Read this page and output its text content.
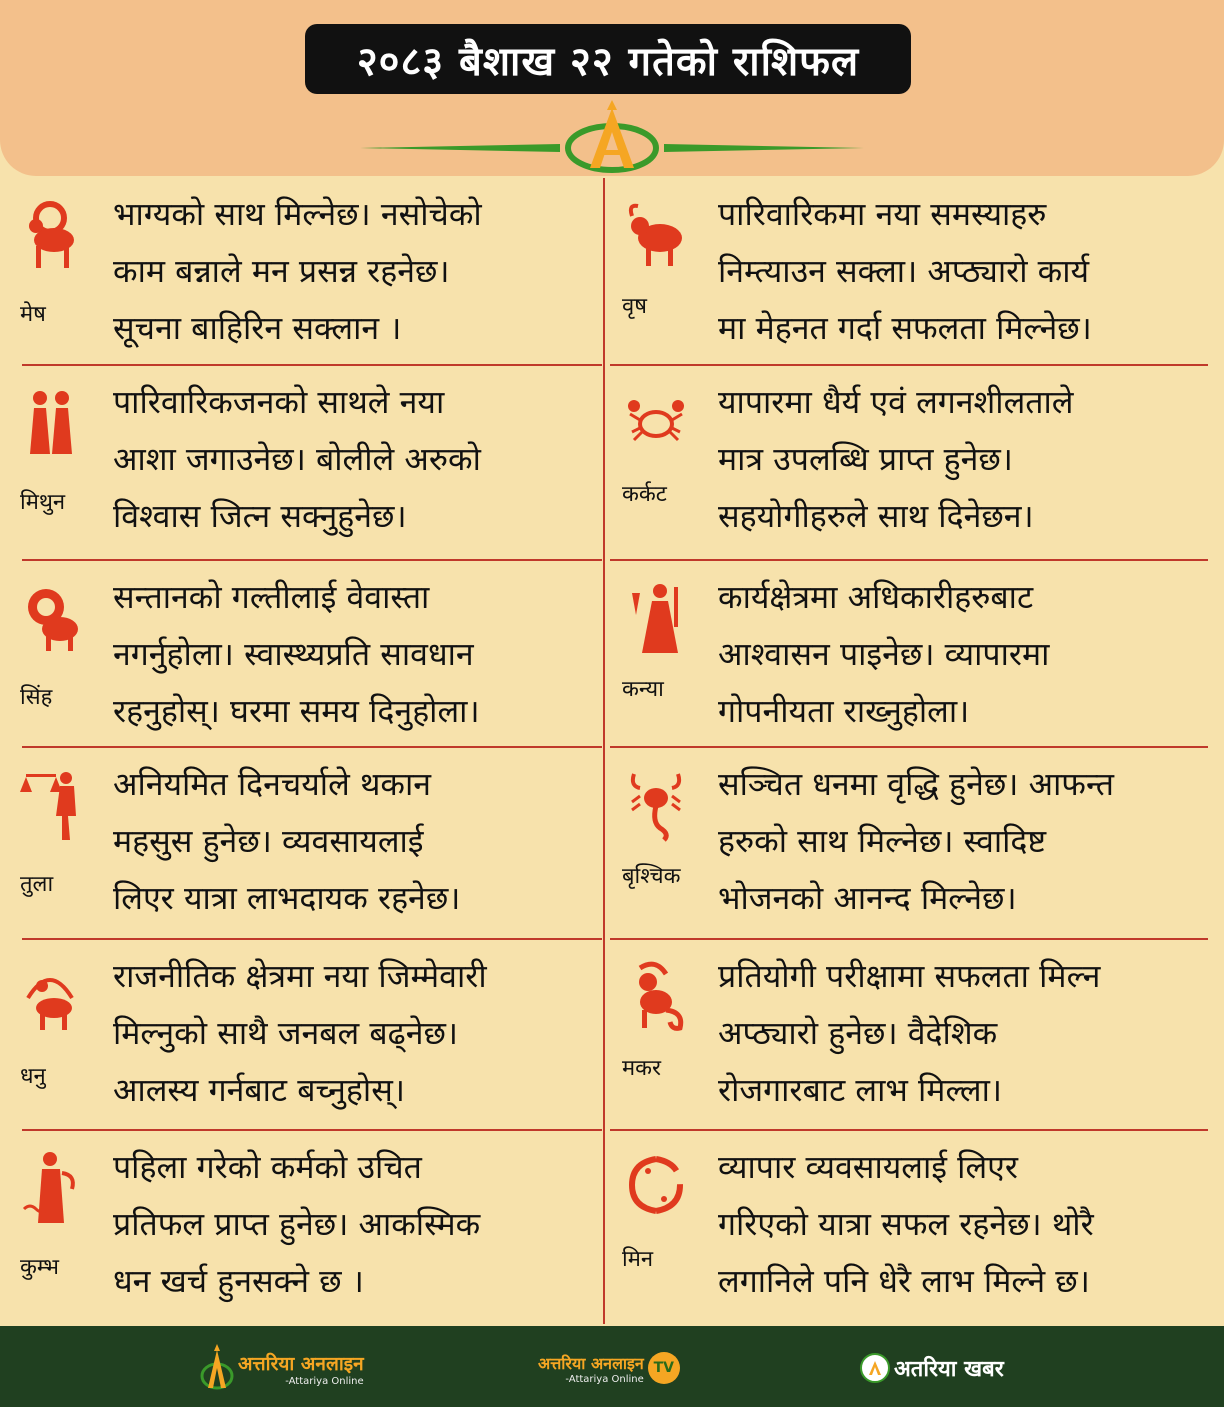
२०८३ बैशाख २२ गतेको राशिफल
मेष
भाग्यको साथ मिल्नेछ। नसोचेको
काम बन्नाले मन प्रसन्न रहनेछ।
सूचना बाहिरिन सक्लान ।
वृष
पारिवारिकमा नया समस्याहरु
निम्त्याउन सक्ला। अप्ठ्यारो कार्य
मा मेहनत गर्दा सफलता मिल्नेछ।
मिथुन
पारिवारिकजनको साथले नया
आशा जगाउनेछ। बोलीले अरुको
विश्वास जित्न सक्नुहुनेछ।
कर्कट
यापारमा धैर्य एवं लगनशीलताले
मात्र उपलब्धि प्राप्त हुनेछ।
सहयोगीहरुले साथ दिनेछन।
सिंह
सन्तानको गल्तीलाई वेवास्ता
नगर्नुहोला। स्वास्थ्यप्रति सावधान
रहनुहोस्। घरमा समय दिनुहोला।
कन्या
कार्यक्षेत्रमा अधिकारीहरुबाट
आश्वासन पाइनेछ। व्यापारमा
गोपनीयता राख्नुहोला।
तुला
अनियमित दिनचर्याले थकान
महसुस हुनेछ। व्यवसायलाई
लिएर यात्रा लाभदायक रहनेछ।
बृश्चिक
सञ्चित धनमा वृद्धि हुनेछ। आफन्त
हरुको साथ मिल्नेछ। स्वादिष्ट
भोजनको आनन्द मिल्नेछ।
धनु
राजनीतिक क्षेत्रमा नया जिम्मेवारी
मिल्नुको साथै जनबल बढ्नेछ।
आलस्य गर्नबाट बच्नुहोस्।
मकर
प्रतियोगी परीक्षामा सफलता मिल्न
अप्ठ्यारो हुनेछ। वैदेशिक
रोजगारबाट लाभ मिल्ला।
कुम्भ
पहिला गरेको कर्मको उचित
प्रतिफल प्राप्त हुनेछ। आकस्मिक
धन खर्च हुनसक्ने छ ।
मिन
व्यापार व्यवसायलाई लिएर
गरिएको यात्रा सफल रहनेछ। थोरै
लगानिले पनि धेरै लाभ मिल्ने छ।
अत्तरिया अनलाइन
-Attariya Online
अत्तरिया अनलाइन
-Attariya Online
TV	अतरिया खबर
